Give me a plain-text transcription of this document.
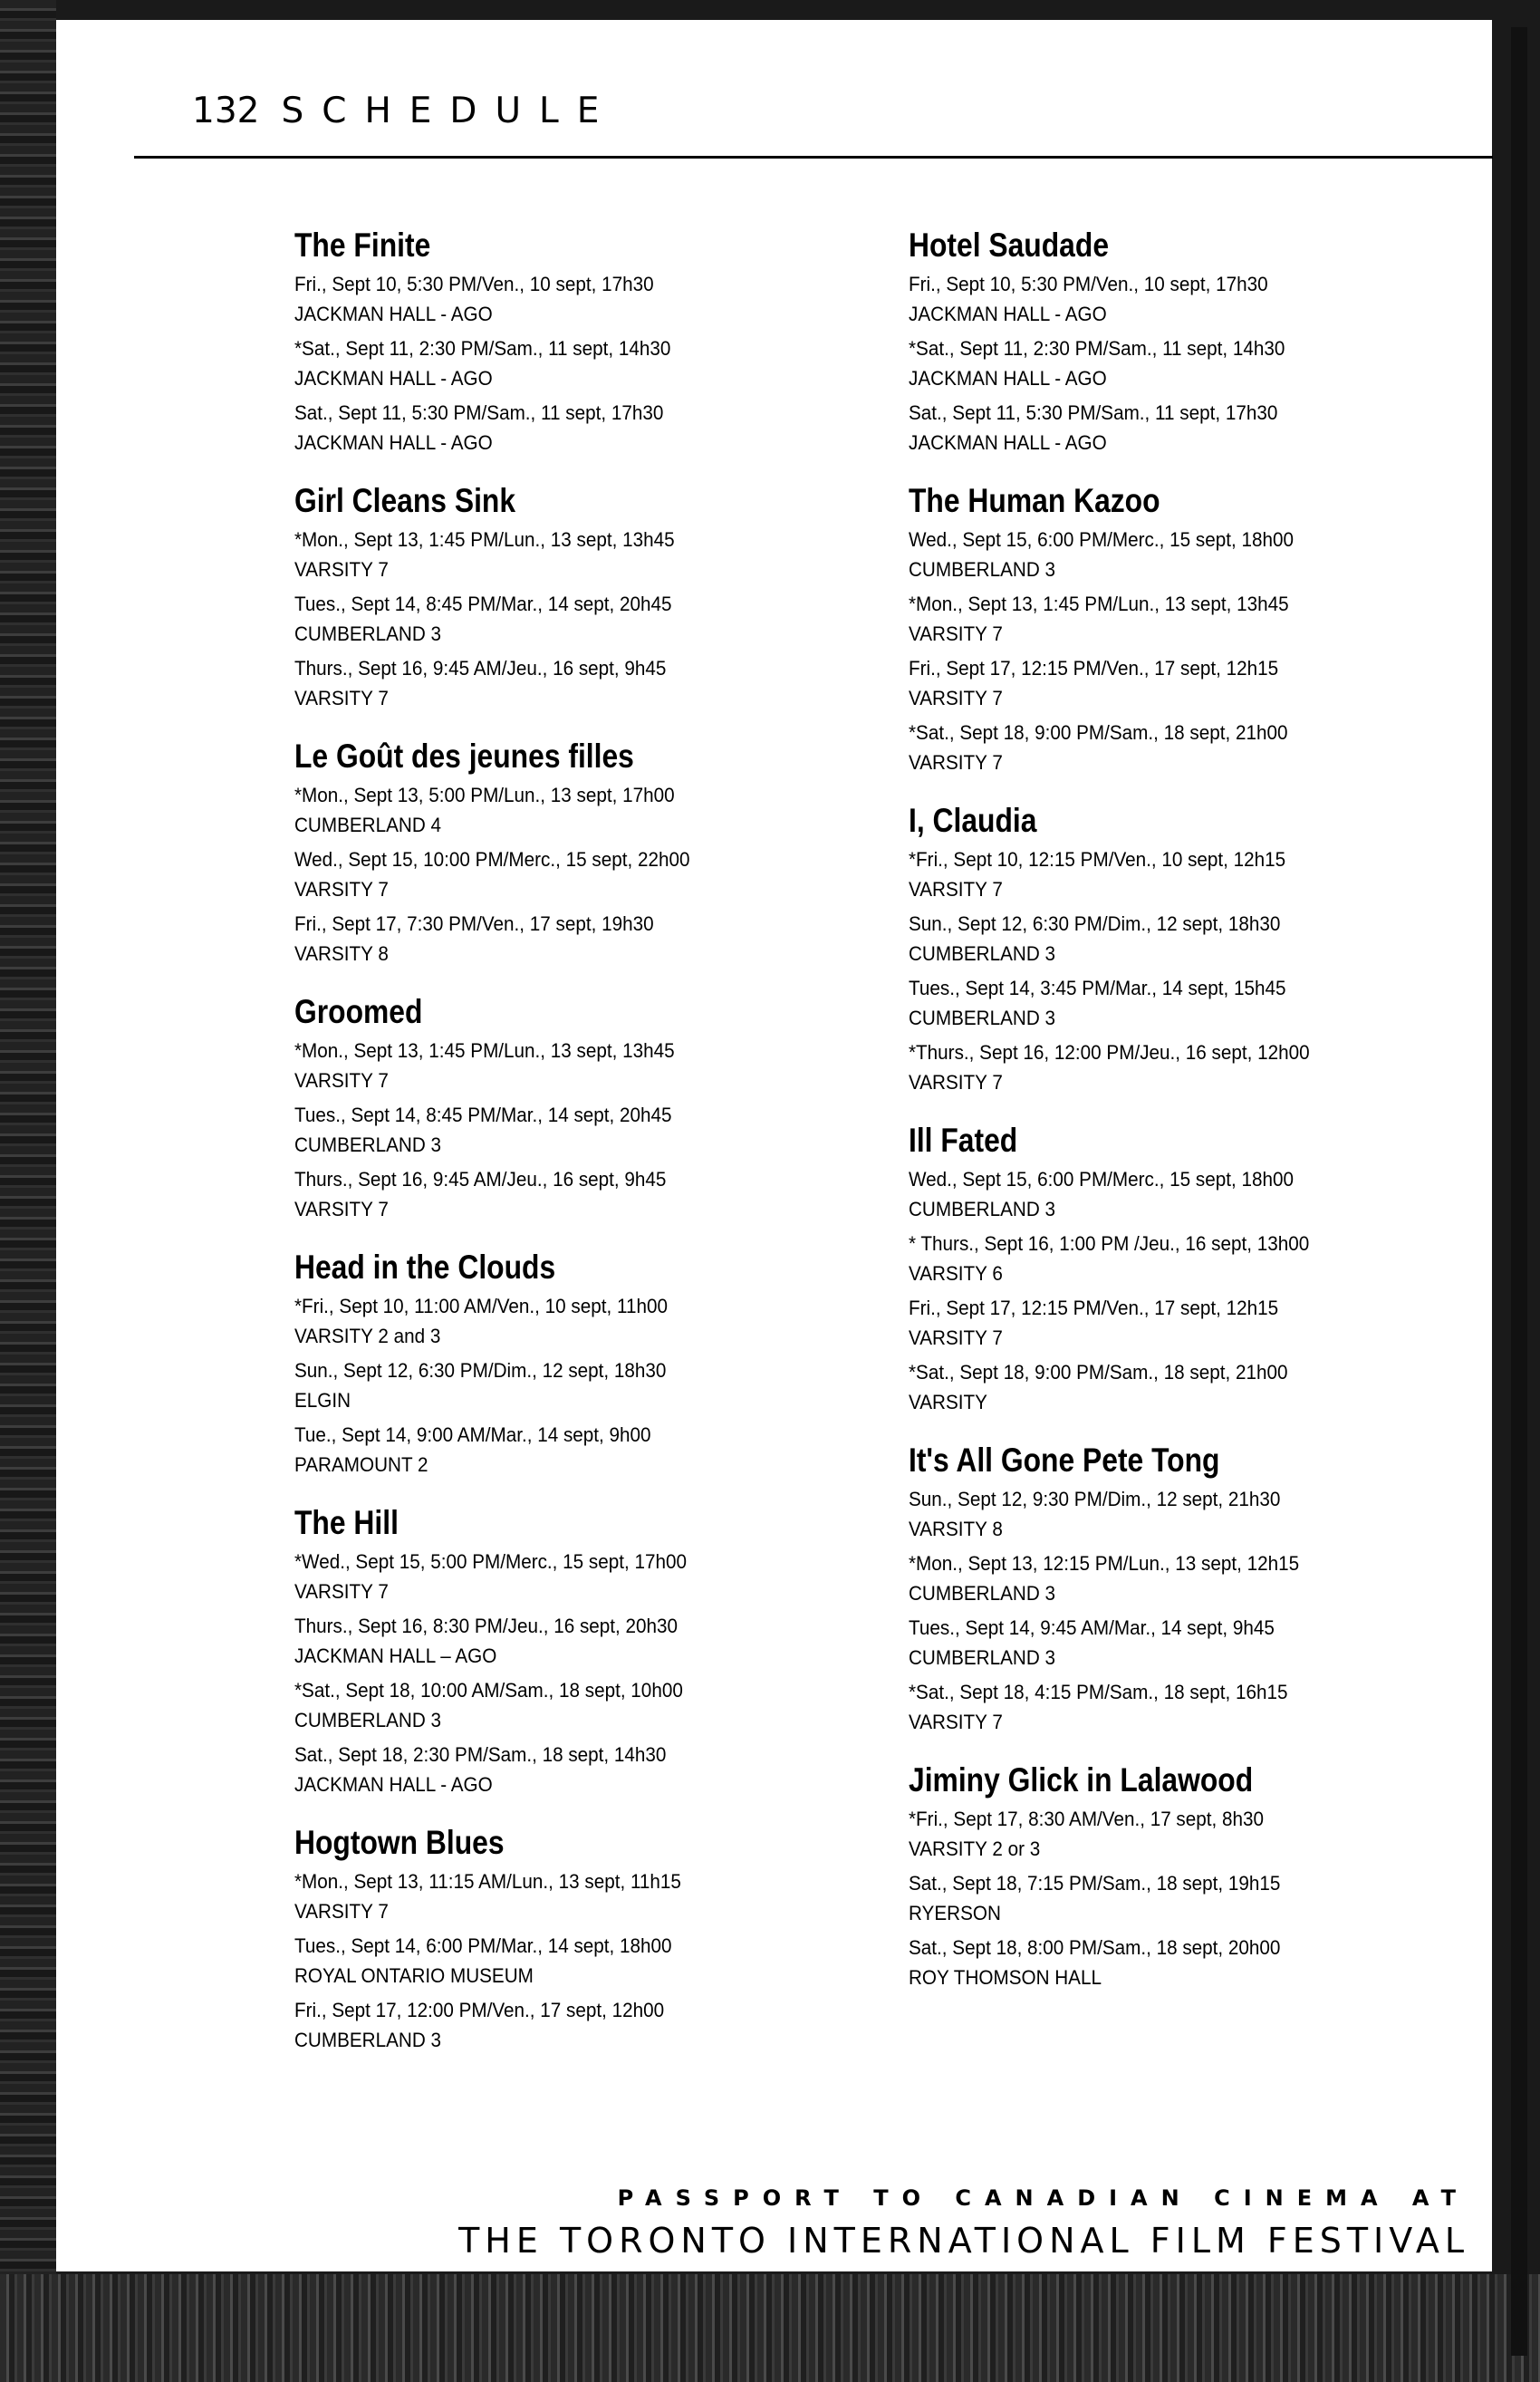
132 SCHEDULE
The Finite
Fri., Sept 10, 5:30 PM/Ven., 10 sept, 17h30
JACKMAN HALL - AGO
*Sat., Sept 11, 2:30 PM/Sam., 11 sept, 14h30
JACKMAN HALL - AGO
Sat., Sept 11, 5:30 PM/Sam., 11 sept, 17h30
JACKMAN HALL - AGO
Girl Cleans Sink
*Mon., Sept 13, 1:45 PM/Lun., 13 sept, 13h45
VARSITY 7
Tues., Sept 14, 8:45 PM/Mar., 14 sept, 20h45
CUMBERLAND 3
Thurs., Sept 16, 9:45 AM/Jeu., 16 sept, 9h45
VARSITY 7
Le Goût des jeunes filles
*Mon., Sept 13, 5:00 PM/Lun., 13 sept, 17h00
CUMBERLAND 4
Wed., Sept 15, 10:00 PM/Merc., 15 sept, 22h00
VARSITY 7
Fri., Sept 17, 7:30 PM/Ven., 17 sept, 19h30
VARSITY 8
Groomed
*Mon., Sept 13, 1:45 PM/Lun., 13 sept, 13h45
VARSITY 7
Tues., Sept 14, 8:45 PM/Mar., 14 sept, 20h45
CUMBERLAND 3
Thurs., Sept 16, 9:45 AM/Jeu., 16 sept, 9h45
VARSITY 7
Head in the Clouds
*Fri., Sept 10, 11:00 AM/Ven., 10 sept, 11h00
VARSITY 2 and 3
Sun., Sept 12, 6:30 PM/Dim., 12 sept, 18h30
ELGIN
Tue., Sept 14, 9:00 AM/Mar., 14 sept, 9h00
PARAMOUNT 2
The Hill
*Wed., Sept 15, 5:00 PM/Merc., 15 sept, 17h00
VARSITY 7
Thurs., Sept 16, 8:30 PM/Jeu., 16 sept, 20h30
JACKMAN HALL – AGO
*Sat., Sept 18, 10:00 AM/Sam., 18 sept, 10h00
CUMBERLAND 3
Sat., Sept 18, 2:30 PM/Sam., 18 sept, 14h30
JACKMAN HALL - AGO
Hogtown Blues
*Mon., Sept 13, 11:15 AM/Lun., 13 sept, 11h15
VARSITY 7
Tues., Sept 14, 6:00 PM/Mar., 14 sept, 18h00
ROYAL ONTARIO MUSEUM
Fri., Sept 17, 12:00 PM/Ven., 17 sept, 12h00
CUMBERLAND 3
Hotel Saudade
Fri., Sept 10, 5:30 PM/Ven., 10 sept, 17h30
JACKMAN HALL - AGO
*Sat., Sept 11, 2:30 PM/Sam., 11 sept, 14h30
JACKMAN HALL - AGO
Sat., Sept 11, 5:30 PM/Sam., 11 sept, 17h30
JACKMAN HALL - AGO
The Human Kazoo
Wed., Sept 15, 6:00 PM/Merc., 15 sept, 18h00
CUMBERLAND 3
*Mon., Sept 13, 1:45 PM/Lun., 13 sept, 13h45
VARSITY 7
Fri., Sept 17, 12:15 PM/Ven., 17 sept, 12h15
VARSITY 7
*Sat., Sept 18, 9:00 PM/Sam., 18 sept, 21h00
VARSITY 7
I, Claudia
*Fri., Sept 10, 12:15 PM/Ven., 10 sept, 12h15
VARSITY 7
Sun., Sept 12, 6:30 PM/Dim., 12 sept, 18h30
CUMBERLAND 3
Tues., Sept 14, 3:45 PM/Mar., 14 sept, 15h45
CUMBERLAND 3
*Thurs., Sept 16, 12:00 PM/Jeu., 16 sept, 12h00
VARSITY 7
Ill Fated
Wed., Sept 15, 6:00 PM/Merc., 15 sept, 18h00
CUMBERLAND 3
* Thurs., Sept 16, 1:00 PM /Jeu., 16 sept, 13h00
VARSITY 6
Fri., Sept 17, 12:15 PM/Ven., 17 sept, 12h15
VARSITY 7
*Sat., Sept 18, 9:00 PM/Sam., 18 sept, 21h00
VARSITY
It's All Gone Pete Tong
Sun., Sept 12, 9:30 PM/Dim., 12 sept, 21h30
VARSITY 8
*Mon., Sept 13, 12:15 PM/Lun., 13 sept, 12h15
CUMBERLAND 3
Tues., Sept 14, 9:45 AM/Mar., 14 sept, 9h45
CUMBERLAND 3
*Sat., Sept 18, 4:15 PM/Sam., 18 sept, 16h15
VARSITY 7
Jiminy Glick in Lalawood
*Fri., Sept 17, 8:30 AM/Ven., 17 sept, 8h30
VARSITY 2 or 3
Sat., Sept 18, 7:15 PM/Sam., 18 sept, 19h15
RYERSON
Sat., Sept 18, 8:00 PM/Sam., 18 sept, 20h00
ROY THOMSON HALL
PASSPORT TO CANADIAN CINEMA AT
THE TORONTO INTERNATIONAL FILM FESTIVAL
